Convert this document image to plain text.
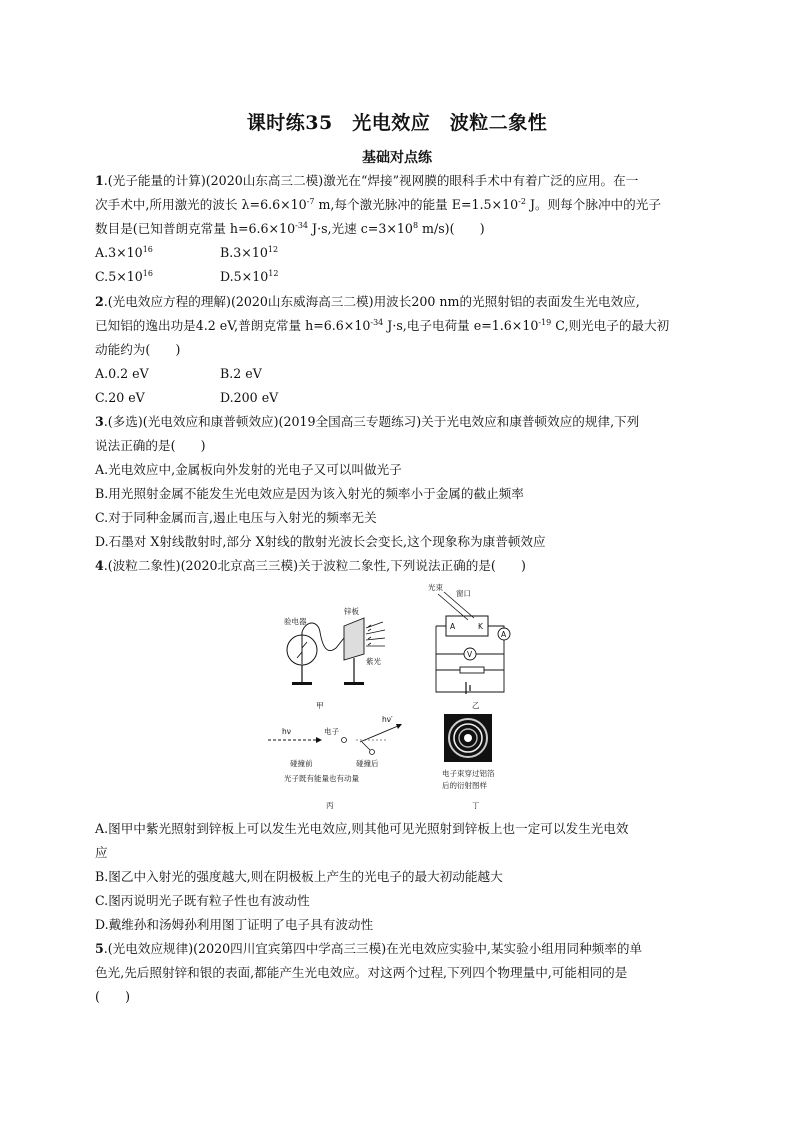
课时练35　光电效应　波粒二象性
基础对点练
1.(光子能量的计算)(2020山东高三二模)激光在“焊接”视网膜的眼科手术中有着广泛的应用。在一
次手术中,所用激光的波长 $\lambda=6.6\times 10^{-7}$ m,每个激光脉冲的能量 $E=1.5\times 10^{-2}$ J。则每个脉冲中的光子
数目是(已知普朗克常量 $h=6.6\times 10^{-34}$ J·s,光速 $c=3\times 10^8$ m/s)(　　)
$A.3\times 10^{16}$	$B.3\times 10^{12}$
$C.5\times 10^{16}$	$D.5\times 10^{12}$
2.(光电效应方程的理解)(2020山东威海高三二模)用波长200 nm的光照射铝的表面发生光电效应,
已知铝的逸出功是4.2 eV,普朗克常量 $h=6.6\times 10^{-34}$ J·s,电子电荷量 $e=1.6\times 10^{-19}$ C,则光电子的最大初
动能约为(　　)
A.0.2 eV	B.2 eV
C.20 eV	D.200 eV
3.(多选)(光电效应和康普顿效应)(2019全国高三专题练习)关于光电效应和康普顿效应的规律,下列
说法正确的是(　　)
A.光电效应中,金属板向外发射的光电子又可以叫做光子
B.用光照射金属不能发生光电效应是因为该入射光的频率小于金属的截止频率
C.对于同种金属而言,遏止电压与入射光的频率无关
D.石墨对 X射线散射时,部分 X射线的散射光波长会变长,这个现象称为康普顿效应
4.(波粒二象性)(2020北京高三三模)关于波粒二象性,下列说法正确的是(　　)
验电器
锌板
紫光
甲
光束
窗口
A	K
A
V
乙
hν	电子
hν′
碰撞前	碰撞后
光子既有能量也有动量
丙
电子束穿过铝箔
后的衍射图样
丁
A.图甲中紫光照射到锌板上可以发生光电效应,则其他可见光照射到锌板上也一定可以发生光电效
应
B.图乙中入射光的强度越大,则在阴极板上产生的光电子的最大初动能越大
C.图丙说明光子既有粒子性也有波动性
D.戴维孙和汤姆孙利用图丁证明了电子具有波动性
5.(光电效应规律)(2020四川宜宾第四中学高三三模)在光电效应实验中,某实验小组用同种频率的单
色光,先后照射锌和银的表面,都能产生光电效应。对这两个过程,下列四个物理量中,可能相同的是
(　　)
